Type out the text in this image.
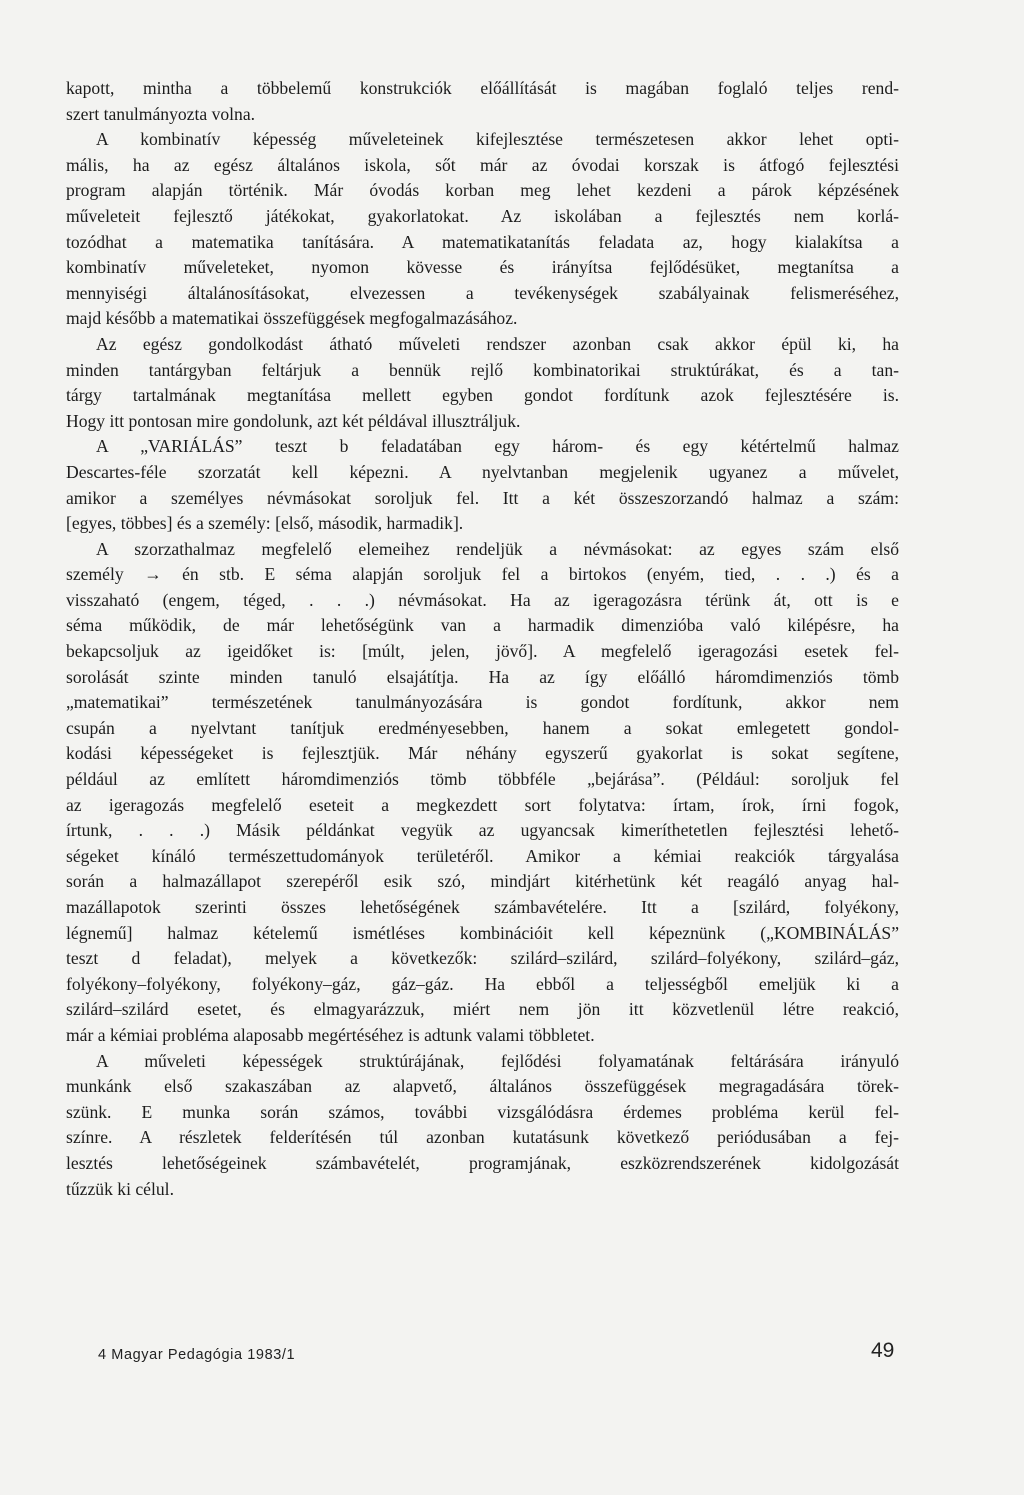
kapott, mintha a többelemű konstrukciók előállítását is magában foglaló teljes rend-
szert tanulmányozta volna.
A kombinatív képesség műveleteinek kifejlesztése természetesen akkor lehet opti-
mális, ha az egész általános iskola, sőt már az óvodai korszak is átfogó fejlesztési
program alapján történik. Már óvodás korban meg lehet kezdeni a párok képzésének
műveleteit fejlesztő játékokat, gyakorlatokat. Az iskolában a fejlesztés nem korlá-
tozódhat a matematika tanítására. A matematikatanítás feladata az, hogy kialakítsa a
kombinatív műveleteket, nyomon kövesse és irányítsa fejlődésüket, megtanítsa a
mennyiségi általánosításokat, elvezessen a tevékenységek szabályainak felismeréséhez,
majd később a matematikai összefüggések megfogalmazásához.
Az egész gondolkodást átható műveleti rendszer azonban csak akkor épül ki, ha
minden tantárgyban feltárjuk a bennük rejlő kombinatorikai struktúrákat, és a tan-
tárgy tartalmának megtanítása mellett egyben gondot fordítunk azok fejlesztésére is.
Hogy itt pontosan mire gondolunk, azt két példával illusztráljuk.
A „VARIÁLÁS” teszt b feladatában egy három- és egy kétértelmű halmaz
Descartes-féle szorzatát kell képezni. A nyelvtanban megjelenik ugyanez a művelet,
amikor a személyes névmásokat soroljuk fel. Itt a két összeszorzandó halmaz a szám:
[egyes, többes] és a személy: [első, második, harmadik].
A szorzathalmaz megfelelő elemeihez rendeljük a névmásokat: az egyes szám első
személy → én stb. E séma alapján soroljuk fel a birtokos (enyém, tied, . . .) és a
visszaható (engem, téged, . . .) névmásokat. Ha az igeragozásra térünk át, ott is e
séma működik, de már lehetőségünk van a harmadik dimenzióba való kilépésre, ha
bekapcsoljuk az igeidőket is: [múlt, jelen, jövő]. A megfelelő igeragozási esetek fel-
sorolását szinte minden tanuló elsajátítja. Ha az így előálló háromdimenziós tömb
„matematikai” természetének tanulmányozására is gondot fordítunk, akkor nem
csupán a nyelvtant tanítjuk eredményesebben, hanem a sokat emlegetett gondol-
kodási képességeket is fejlesztjük. Már néhány egyszerű gyakorlat is sokat segítene,
például az említett háromdimenziós tömb többféle „bejárása”. (Például: soroljuk fel
az igeragozás megfelelő eseteit a megkezdett sort folytatva: írtam, írok, írni fogok,
írtunk, . . .) Másik példánkat vegyük az ugyancsak kimeríthetetlen fejlesztési lehető-
ségeket kínáló természettudományok területéről. Amikor a kémiai reakciók tárgyalása
során a halmazállapot szerepéről esik szó, mindjárt kitérhetünk két reagáló anyag hal-
mazállapotok szerinti összes lehetőségének számbavételére. Itt a [szilárd, folyékony,
légnemű] halmaz kételemű ismétléses kombinációit kell képeznünk („KOMBINÁLÁS”
teszt d feladat), melyek a következők: szilárd–szilárd, szilárd–folyékony, szilárd–gáz,
folyékony–folyékony, folyékony–gáz, gáz–gáz. Ha ebből a teljességből emeljük ki a
szilárd–szilárd esetet, és elmagyarázzuk, miért nem jön itt közvetlenül létre reakció,
már a kémiai probléma alaposabb megértéséhez is adtunk valami többletet.
A műveleti képességek struktúrájának, fejlődési folyamatának feltárására irányuló
munkánk első szakaszában az alapvető, általános összefüggések megragadására törek-
szünk. E munka során számos, további vizsgálódásra érdemes probléma kerül fel-
színre. A részletek felderítésén túl azonban kutatásunk következő periódusában a fej-
lesztés lehetőségeinek számbavételét, programjának, eszközrendszerének kidolgozását
tűzzük ki célul.
4 Magyar Pedagógia 1983/1	49
